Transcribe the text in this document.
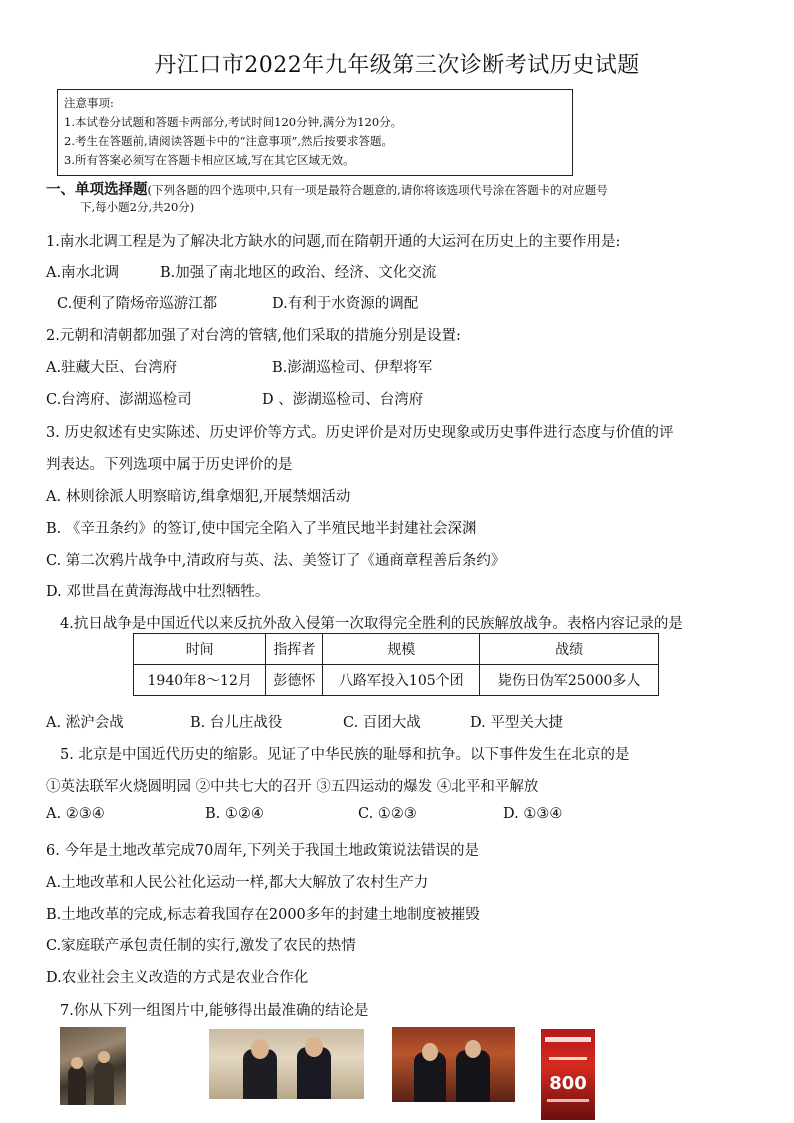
丹江口市2022年九年级第三次诊断考试历史试题
注意事项:
1.本试卷分试题和答题卡两部分,考试时间120分钟,满分为120分。
2.考生在答题前,请阅读答题卡中的“注意事项”,然后按要求答题。
3.所有答案必须写在答题卡相应区域,写在其它区域无效。
一、单项选择题(下列各题的四个选项中,只有一项是最符合题意的,请你将该选项代号涂在答题卡的对应题号
下,每小题2分,共20分)
1.南水北调工程是为了解决北方缺水的问题,而在隋朝开通的大运河在历史上的主要作用是:
A.南水北调	B.加强了南北地区的政治、经济、文化交流
C.便利了隋炀帝巡游江都	D.有利于水资源的调配
2.元朝和清朝都加强了对台湾的管辖,他们采取的措施分别是设置:
A.驻藏大臣、台湾府	B.澎湖巡检司、伊犁将军
C.台湾府、澎湖巡检司	D 、澎湖巡检司、台湾府
3. 历史叙述有史实陈述、历史评价等方式。历史评价是对历史现象或历史事件进行态度与价值的评
判表达。下列选项中属于历史评价的是
A. 林则徐派人明察暗访,缉拿烟犯,开展禁烟活动
B. 《辛丑条约》的签订,使中国完全陷入了半殖民地半封建社会深渊
C. 第二次鸦片战争中,清政府与英、法、美签订了《通商章程善后条约》
D. 邓世昌在黄海海战中壮烈牺牲。
4.抗日战争是中国近代以来反抗外敌入侵第一次取得完全胜利的民族解放战争。表格内容记录的是
时间	指挥者	规模	战绩
1940年8～12月	彭德怀	八路军投入105个团	毙伤日伪军25000多人
A. 淞沪会战	B. 台儿庄战役	C. 百团大战	D. 平型关大捷
5. 北京是中国近代历史的缩影。见证了中华民族的耻辱和抗争。以下事件发生在北京的是
①英法联军火烧圆明园 ②中共七大的召开 ③五四运动的爆发 ④北平和平解放
A. ②③④	B. ①②④	C. ①②③	D. ①③④
6. 今年是土地改革完成70周年,下列关于我国土地政策说法错误的是
A.土地改革和人民公社化运动一样,都大大解放了农村生产力
B.土地改革的完成,标志着我国存在2000多年的封建土地制度被摧毁
C.家庭联产承包责任制的实行,激发了农民的热情
D.农业社会主义改造的方式是农业合作化
7.你从下列一组图片中,能够得出最准确的结论是
800
